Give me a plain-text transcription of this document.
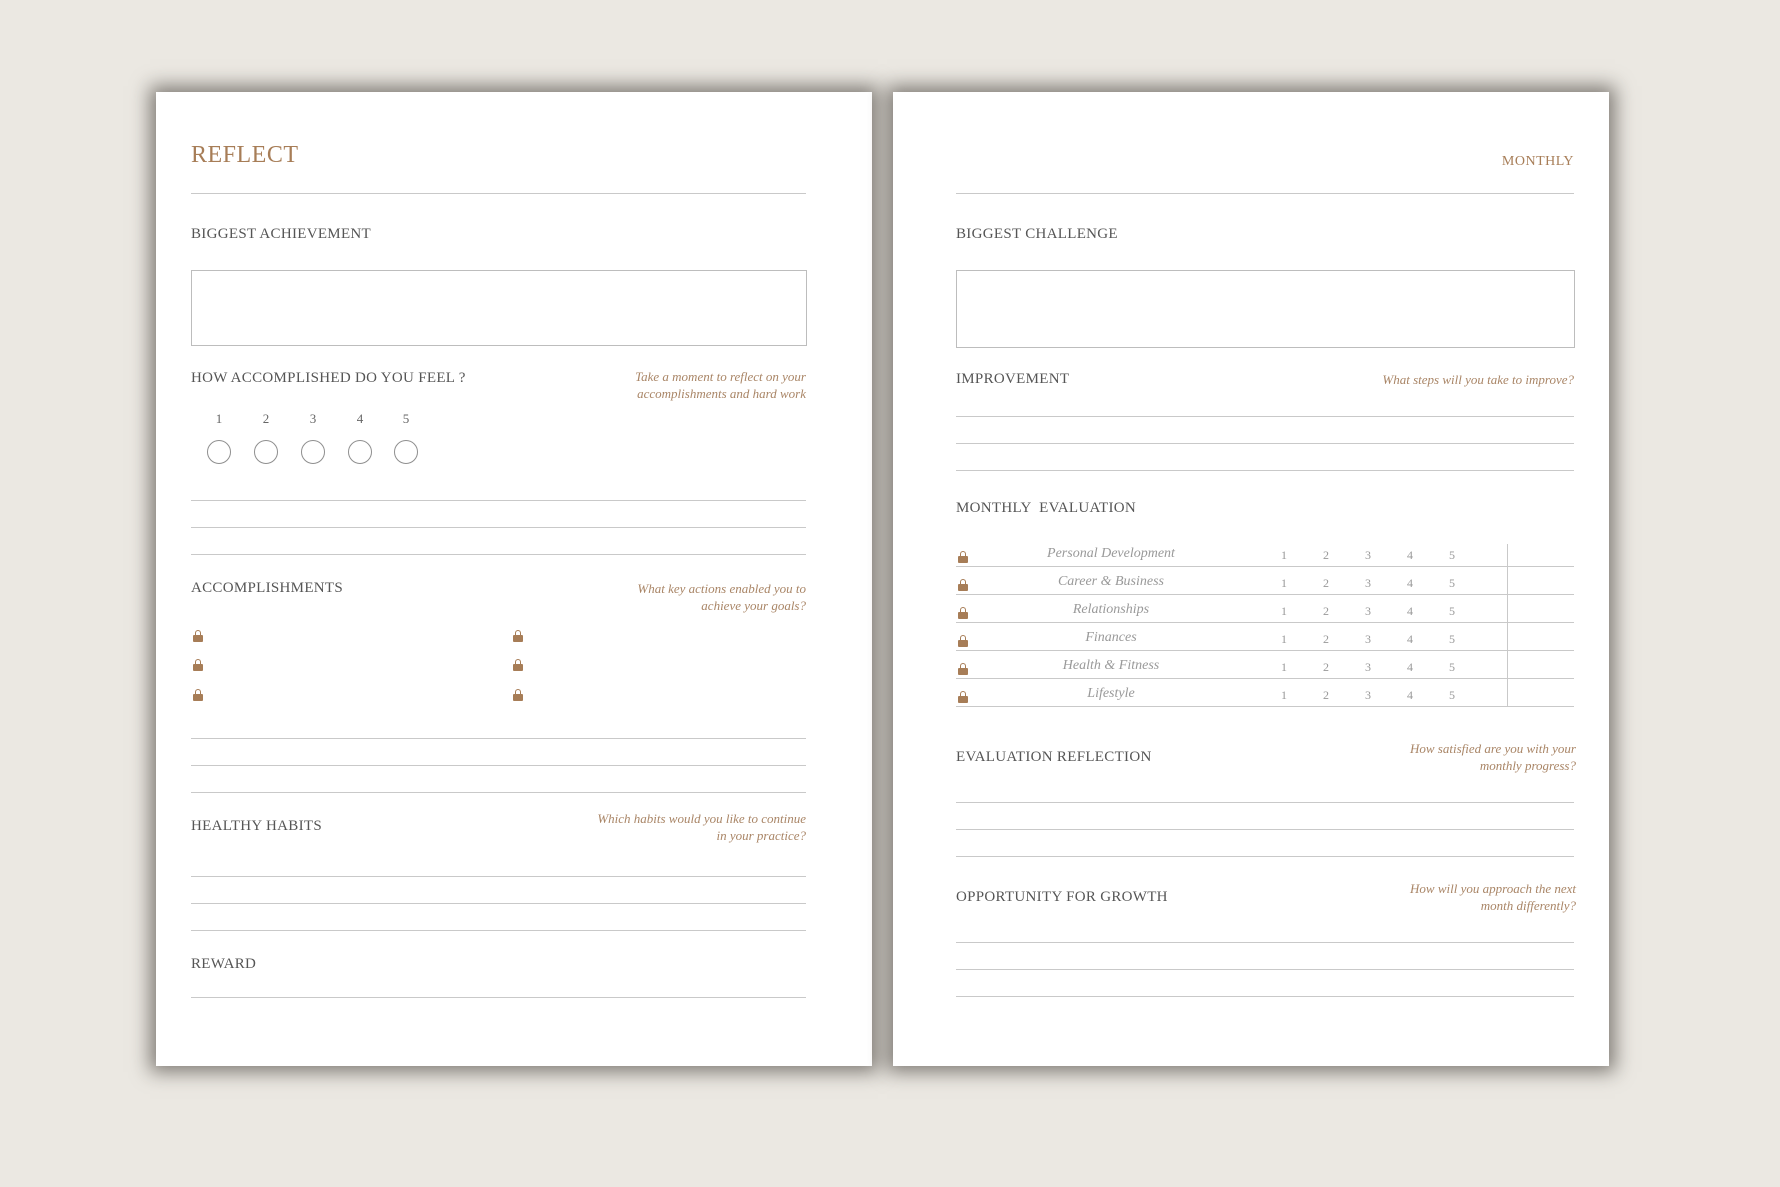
REFLECT
BIGGEST ACHIEVEMENT
HOW ACCOMPLISHED DO YOU FEEL ?	Take a moment to reflect on your
accomplishments and hard work
1	2	3	4	5
ACCOMPLISHMENTS	What key actions enabled you to
achieve your goals?
HEALTHY HABITS	Which habits would you like to continue
in your practice?
REWARD
MONTHLY
BIGGEST CHALLENGE
IMPROVEMENT	What steps will you take to improve?
MONTHLY  EVALUATION
Personal Development	1	2	3	4	5
Career & Business	1	2	3	4	5
Relationships	1	2	3	4	5
Finances	1	2	3	4	5
Health & Fitness	1	2	3	4	5
Lifestyle	1	2	3	4	5
EVALUATION REFLECTION
How satisfied are you with your
monthly progress?
OPPORTUNITY FOR GROWTH
How will you approach the next
month differently?
